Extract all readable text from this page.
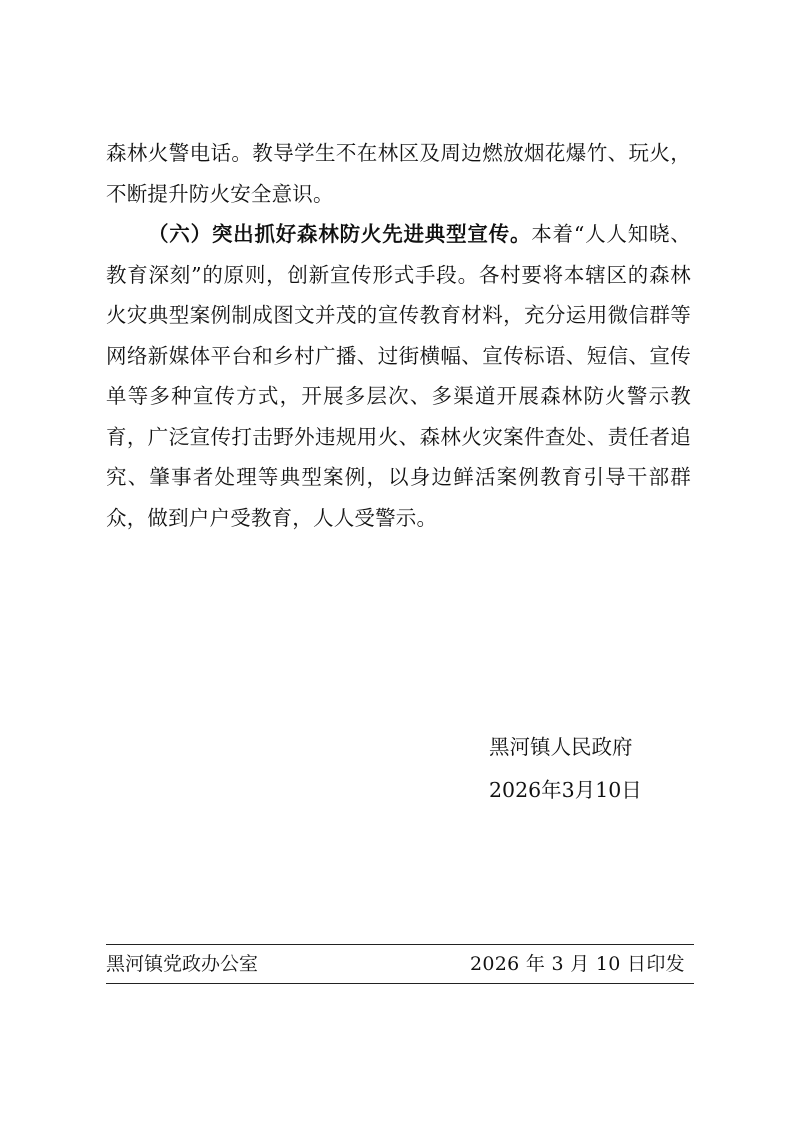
森林火警电话。教导学生不在林区及周边燃放烟花爆竹、玩火，不断提升防火安全意识。

（六）突出抓好森林防火先进典型宣传。本着“人人知晓、教育深刻”的原则，创新宣传形式手段。各村要将本辖区的森林火灾典型案例制成图文并茂的宣传教育材料，充分运用微信群等网络新媒体平台和乡村广播、过街横幅、宣传标语、短信、宣传单等多种宣传方式，开展多层次、多渠道开展森林防火警示教育，广泛宣传打击野外违规用火、森林火灾案件查处、责任者追究、肇事者处理等典型案例，以身边鲜活案例教育引导干部群众，做到户户受教育，人人受警示。

黑河镇人民政府
2026年3月10日
黑河镇党政办公室	2026 年 3 月 10 日印发
